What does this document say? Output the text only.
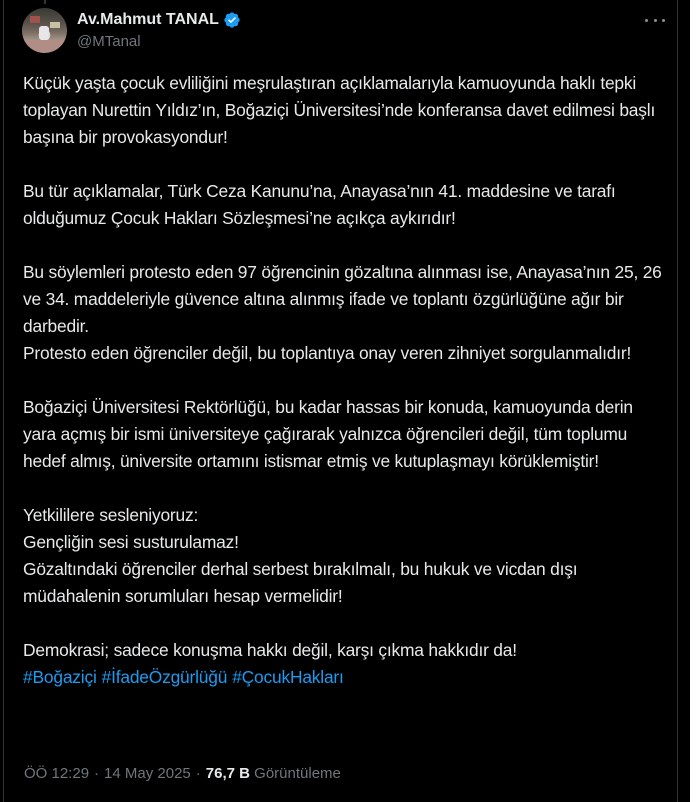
Av.Mahmut TANAL
@MTanal

Küçük yaşta çocuk evliliğini meşrulaştıran açıklamalarıyla kamuoyunda haklı tepki toplayan Nurettin Yıldız’ın, Boğaziçi Üniversitesi’nde konferansa davet edilmesi başlı başına bir provokasyondur!

Bu tür açıklamalar, Türk Ceza Kanunu’na, Anayasa’nın 41. maddesine ve tarafı olduğumuz Çocuk Hakları Sözleşmesi’ne açıkça aykırıdır!

Bu söylemleri protesto eden 97 öğrencinin gözaltına alınması ise, Anayasa’nın 25, 26 ve 34. maddeleriyle güvence altına alınmış ifade ve toplantı özgürlüğüne ağır bir darbedir.
Protesto eden öğrenciler değil, bu toplantıya onay veren zihniyet sorgulanmalıdır!

Boğaziçi Üniversitesi Rektörlüğü, bu kadar hassas bir konuda, kamuoyunda derin yara açmış bir ismi üniversiteye çağırarak yalnızca öğrencileri değil, tüm toplumu hedef almış, üniversite ortamını istismar etmiş ve kutuplaşmayı körüklemiştir!

Yetkililere sesleniyoruz:
Gençliğin sesi susturulamaz!
Gözaltındaki öğrenciler derhal serbest bırakılmalı, bu hukuk ve vicdan dışı müdahalenin sorumluları hesap vermelidir!

Demokrasi; sadece konuşma hakkı değil, karşı çıkma hakkıdır da!
#Boğaziçi #İfadeÖzgürlüğü #ÇocukHakları

ÖÖ 12:29 · 14 May 2025 · 76,7 B
Görüntüleme
